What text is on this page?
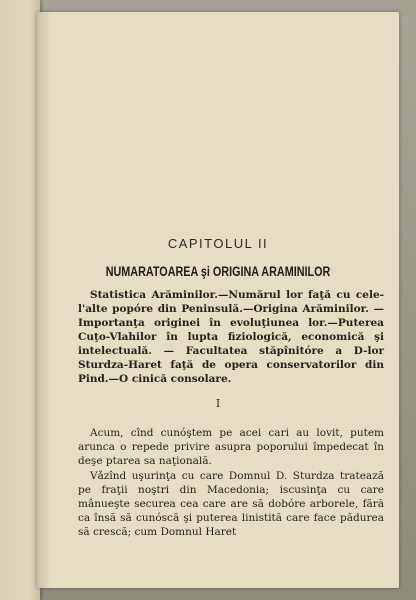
CAPITOLUL II
NUMARATOAREA şi ORIGINA ARAMINILOR

Statistica Arăminilor.—Numărul lor faţă cu cele-l'alte popóre din Peninsulă.—Origina Arăminilor. —Importanţa originei în evoluţiunea lor.—Puterea Cuţo-Vlahilor în lupta fiziologică, economică şi intelectuală. — Facultatea stăpînitóre a D-lor Sturdza-Haret faţă de opera conservatorilor din Pind.—O cinică consolare.

I

Acum, cînd cunóştem pe acei cari au lovit, putem arunca o repede privire asupra poporului împedecat în deşe ptarea sa naţională.

Vǎzînd uşurinţa cu care Domnul D. Sturdza tratează pe fraţii noştri din Macedonia; iscusinţa cu care mânueşte securea cea care are să dobóre arborele, fără ca însă să cunóscă şi puterea linistită care face pădurea să crescă; cum Domnul Haret
